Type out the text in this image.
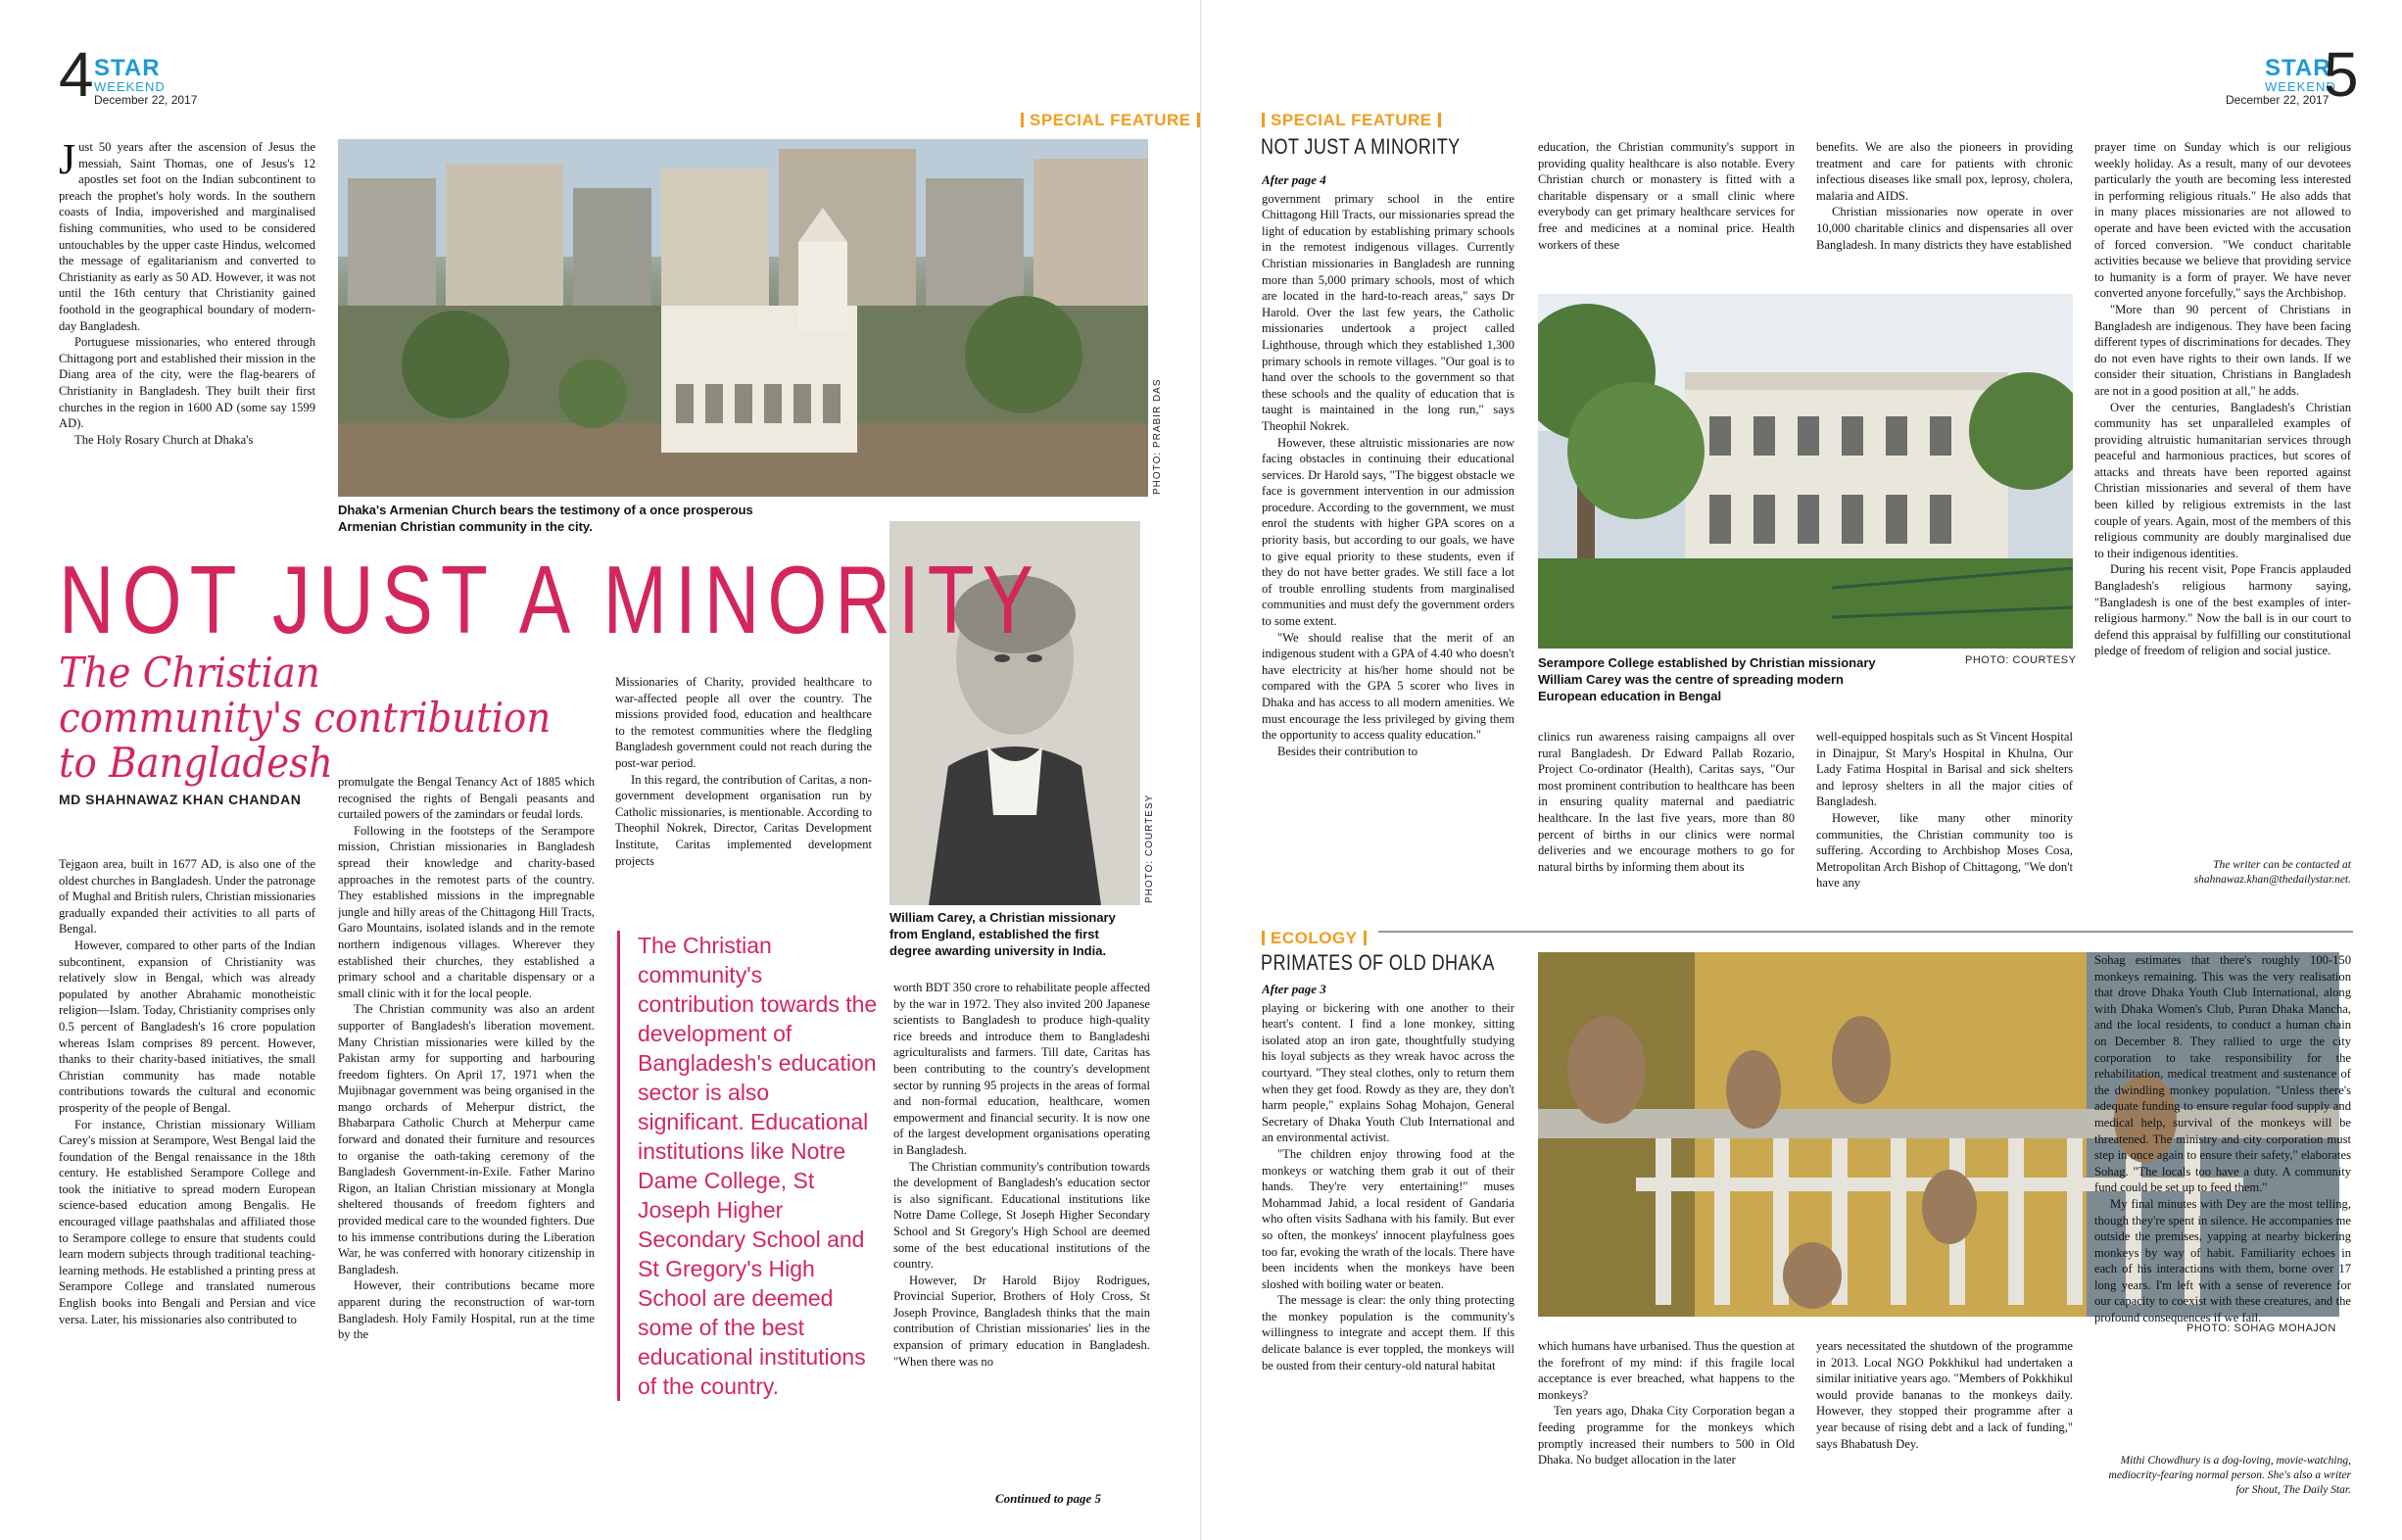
4 STAR
WEEKEND
December 22, 2017
SPECIAL FEATURE

Just 50 years after the ascension of Jesus the messiah, Saint Thomas, one of Jesus's 12 apostles set foot on the Indian subcontinent to preach the prophet's holy words. In the southern coasts of India, impoverished and marginalised fishing communities, who used to be considered untouchables by the upper caste Hindus, welcomed the message of egalitarianism and converted to Christianity as early as 50 AD. However, it was not until the 16th century that Christianity gained foothold in the geographical boundary of modern-day Bangladesh.

Portuguese missionaries, who entered through Chittagong port and established their mission in the Diang area of the city, were the flag-bearers of Christianity in Bangladesh. They built their first churches in the region in 1600 AD (some say 1599 AD).

The Holy Rosary Church at Dhaka's	PHOTO: PRABIR DAS
Dhaka's Armenian Church bears the testimony of a once prosperous Armenian Christian community in the city.
PHOTO: COURTESY
William Carey, a Christian missionary from England, established the first degree awarding university in India.
NOT JUST A MINORITY
The Christian community's contribution to Bangladesh
MD SHAHNAWAZ KHAN CHANDAN

Missionaries of Charity, provided healthcare to war-affected people all over the country. The missions provided food, education and healthcare to the remotest communities where the fledgling Bangladesh government could not reach during the post-war period.

In this regard, the contribution of Caritas, a non-government development organisation run by Catholic missionaries, is mentionable. According to Theophil Nokrek, Director, Caritas Development Institute, Caritas implemented development projects

Tejgaon area, built in 1677 AD, is also one of the oldest churches in Bangladesh. Under the patronage of Mughal and British rulers, Christian missionaries gradually expanded their activities to all parts of Bengal.

However, compared to other parts of the Indian subcontinent, expansion of Christianity was relatively slow in Bengal, which was already populated by another Abrahamic monotheistic religion—Islam. Today, Christianity comprises only 0.5 percent of Bangladesh's 16 crore population whereas Islam comprises 89 percent. However, thanks to their charity-based initiatives, the small Christian community has made notable contributions towards the cultural and economic prosperity of the people of Bengal.

For instance, Christian missionary William Carey's mission at Serampore, West Bengal laid the foundation of the Bengal renaissance in the 18th century. He established Serampore College and took the initiative to spread modern European science-based education among Bengalis. He encouraged village paathshalas and affiliated those to Serampore college to ensure that students could learn modern subjects through traditional teaching-learning methods. He established a printing press at Serampore College and translated numerous English books into Bengali and Persian and vice versa. Later, his missionaries also contributed to

promulgate the Bengal Tenancy Act of 1885 which recognised the rights of Bengali peasants and curtailed powers of the zamindars or feudal lords.

Following in the footsteps of the Serampore mission, Christian missionaries in Bangladesh spread their knowledge and charity-based approaches in the remotest parts of the country. They established missions in the impregnable jungle and hilly areas of the Chittagong Hill Tracts, Garo Mountains, isolated islands and in the remote northern indigenous villages. Wherever they established their churches, they established a primary school and a charitable dispensary or a small clinic with it for the local people.

The Christian community was also an ardent supporter of Bangladesh's liberation movement. Many Christian missionaries were killed by the Pakistan army for supporting and harbouring freedom fighters. On April 17, 1971 when the Mujibnagar government was being organised in the mango orchards of Meherpur district, the Bhabarpara Catholic Church at Meherpur came forward and donated their furniture and resources to organise the oath-taking ceremony of the Bangladesh Government-in-Exile. Father Marino Rigon, an Italian Christian missionary at Mongla sheltered thousands of freedom fighters and provided medical care to the wounded fighters. Due to his immense contributions during the Liberation War, he was conferred with honorary citizenship in Bangladesh.

However, their contributions became more apparent during the reconstruction of war-torn Bangladesh. Holy Family Hospital, run at the time by the

The Christian community's contribution towards the development of Bangladesh's education sector is also significant. Educational institutions like Notre Dame College, St Joseph Higher Secondary School and St Gregory's High School are deemed some of the best educational institutions of the country.

worth BDT 350 crore to rehabilitate people affected by the war in 1972. They also invited 200 Japanese scientists to Bangladesh to produce high-quality rice breeds and introduce them to Bangladeshi agriculturalists and farmers. Till date, Caritas has been contributing to the country's development sector by running 95 projects in the areas of formal and non-formal education, healthcare, women empowerment and financial security. It is now one of the largest development organisations operating in Bangladesh.

The Christian community's contribution towards the development of Bangladesh's education sector is also significant. Educational institutions like Notre Dame College, St Joseph Higher Secondary School and St Gregory's High School are deemed some of the best educational institutions of the country.

However, Dr Harold Bijoy Rodrigues, Provincial Superior, Brothers of Holy Cross, St Joseph Province, Bangladesh thinks that the main contribution of Christian missionaries' lies in the expansion of primary education in Bangladesh. "When there was no

Continued to page 5
STAR
WEEKEND
December 22, 2017
5
SPECIAL FEATURE
NOT JUST A MINORITY
After page 4

government primary school in the entire Chittagong Hill Tracts, our missionaries spread the light of education by establishing primary schools in the remotest indigenous villages. Currently Christian missionaries in Bangladesh are running more than 5,000 primary schools, most of which are located in the hard-to-reach areas," says Dr Harold. Over the last few years, the Catholic missionaries undertook a project called Lighthouse, through which they established 1,300 primary schools in remote villages. "Our goal is to hand over the schools to the government so that these schools and the quality of education that is taught is maintained in the long run," says Theophil Nokrek.

However, these altruistic missionaries are now facing obstacles in continuing their educational services. Dr Harold says, "The biggest obstacle we face is government intervention in our admission procedure. According to the government, we must enrol the students with higher GPA scores on a priority basis, but according to our goals, we have to give equal priority to these students, even if they do not have better grades. We still face a lot of trouble enrolling students from marginalised communities and must defy the government orders to some extent.

"We should realise that the merit of an indigenous student with a GPA of 4.40 who doesn't have electricity at his/her home should not be compared with the GPA 5 scorer who lives in Dhaka and has access to all modern amenities. We must encourage the less privileged by giving them the opportunity to access quality education."

Besides their contribution to

education, the Christian community's support in providing quality healthcare is also notable. Every Christian church or monastery is fitted with a charitable dispensary or a small clinic where everybody can get primary healthcare services for free and medicines at a nominal price. Health workers of these

benefits. We are also the pioneers in providing treatment and care for patients with chronic infectious diseases like small pox, leprosy, cholera, malaria and AIDS.

Christian missionaries now operate in over 10,000 charitable clinics and dispensaries all over Bangladesh. In many districts they have established

Serampore College established by Christian missionary William Carey was the centre of spreading modern European education in Bengal
PHOTO: COURTESY

clinics run awareness raising campaigns all over rural Bangladesh. Dr Edward Pallab Rozario, Project Co-ordinator (Health), Caritas says, "Our most prominent contribution to healthcare has been in ensuring quality maternal and paediatric healthcare. In the last five years, more than 80 percent of births in our clinics were normal deliveries and we encourage mothers to go for natural births by informing them about its

well-equipped hospitals such as St Vincent Hospital in Dinajpur, St Mary's Hospital in Khulna, Our Lady Fatima Hospital in Barisal and sick shelters and leprosy shelters in all the major cities of Bangladesh.

However, like many other minority communities, the Christian community too is suffering. According to Archbishop Moses Cosa, Metropolitan Arch Bishop of Chittagong, "We don't have any

prayer time on Sunday which is our religious weekly holiday. As a result, many of our devotees particularly the youth are becoming less interested in performing religious rituals." He also adds that in many places missionaries are not allowed to operate and have been evicted with the accusation of forced conversion. "We conduct charitable activities because we believe that providing service to humanity is a form of prayer. We have never converted anyone forcefully," says the Archbishop.

"More than 90 percent of Christians in Bangladesh are indigenous. They have been facing different types of discriminations for decades. They do not even have rights to their own lands. If we consider their situation, Christians in Bangladesh are not in a good position at all," he adds.

Over the centuries, Bangladesh's Christian community has set unparalleled examples of providing altruistic humanitarian services through peaceful and harmonious practices, but scores of attacks and threats have been reported against Christian missionaries and several of them have been killed by religious extremists in the last couple of years. Again, most of the members of this religious community are doubly marginalised due to their indigenous identities.

During his recent visit, Pope Francis applauded Bangladesh's religious harmony saying, "Bangladesh is one of the best examples of inter-religious harmony." Now the ball is in our court to defend this appraisal by fulfilling our constitutional pledge of freedom of religion and social justice.

The writer can be contacted at
shahnawaz.khan@thedailystar.net.
ECOLOGY
PRIMATES OF OLD DHAKA
After page 3

playing or bickering with one another to their heart's content. I find a lone monkey, sitting isolated atop an iron gate, thoughtfully studying his loyal subjects as they wreak havoc across the courtyard. "They steal clothes, only to return them when they get food. Rowdy as they are, they don't harm people," explains Sohag Mohajon, General Secretary of Dhaka Youth Club International and an environmental activist.

"The children enjoy throwing food at the monkeys or watching them grab it out of their hands. They're very entertaining!" muses Mohammad Jahid, a local resident of Gandaria who often visits Sadhana with his family. But ever so often, the monkeys' innocent playfulness goes too far, evoking the wrath of the locals. There have been incidents when the monkeys have been sloshed with boiling water or beaten.

The message is clear: the only thing protecting the monkey population is the community's willingness to integrate and accept them. If this delicate balance is ever toppled, the monkeys will be ousted from their century-old natural habitat

PHOTO: SOHAG MOHAJON

which humans have urbanised. Thus the question at the forefront of my mind: if this fragile local acceptance is ever breached, what happens to the monkeys?

Ten years ago, Dhaka City Corporation began a feeding programme for the monkeys which promptly increased their numbers to 500 in Old Dhaka. No budget allocation in the later

years necessitated the shutdown of the programme in 2013. Local NGO Pokkhikul had undertaken a similar initiative years ago. "Members of Pokkhikul would provide bananas to the monkeys daily. However, they stopped their programme after a year because of rising debt and a lack of funding," says Bhabatush Dey.

Sohag estimates that there's roughly 100-150 monkeys remaining. This was the very realisation that drove Dhaka Youth Club International, along with Dhaka Women's Club, Puran Dhaka Mancha, and the local residents, to conduct a human chain on December 8. They rallied to urge the city corporation to take responsibility for the rehabilitation, medical treatment and sustenance of the dwindling monkey population. "Unless there's adequate funding to ensure regular food supply and medical help, survival of the monkeys will be threatened. The ministry and city corporation must step in once again to ensure their safety," elaborates Sohag. "The locals too have a duty. A community fund could be set up to feed them."

My final minutes with Dey are the most telling, though they're spent in silence. He accompanies me outside the premises, yapping at nearby bickering monkeys by way of habit. Familiarity echoes in each of his interactions with them, borne over 17 long years. I'm left with a sense of reverence for our capacity to coexist with these creatures, and the profound consequences if we fail.

Mithi Chowdhury is a dog-loving, movie-watching, mediocrity-fearing normal person. She's also a writer for Shout, The Daily Star.
